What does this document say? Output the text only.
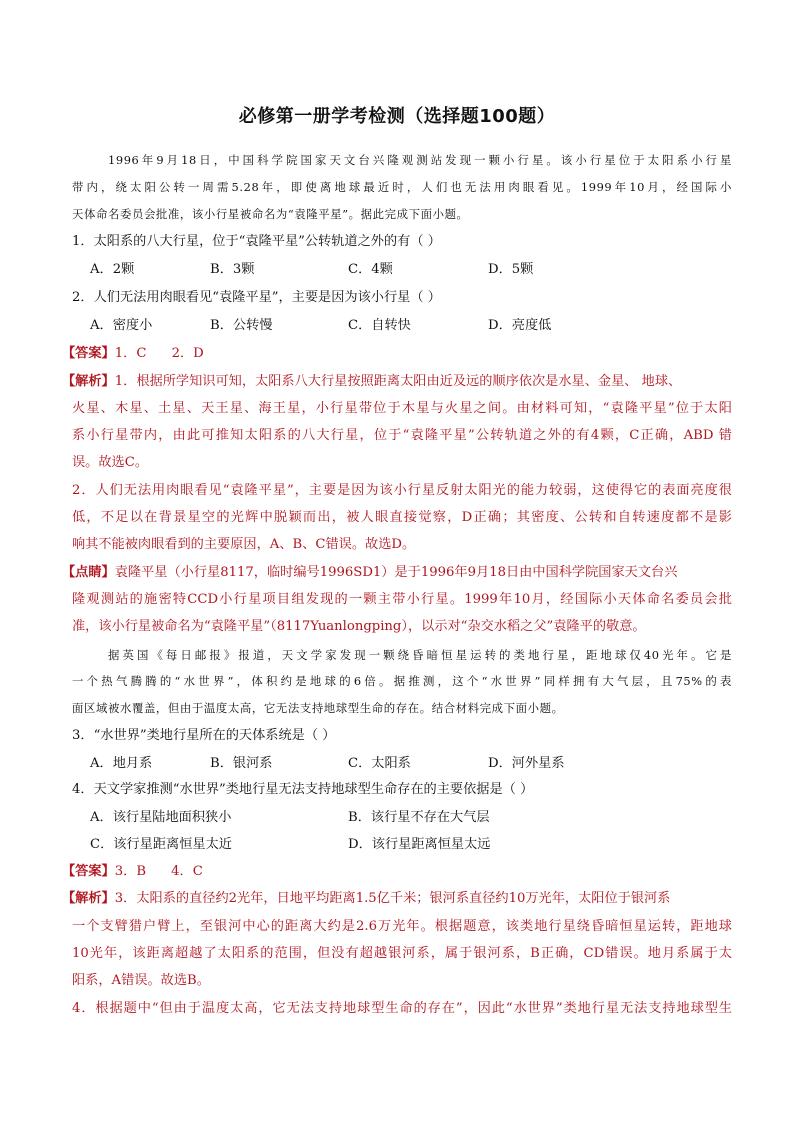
必修第一册学考检测（选择题100题）
1996年9月18日，中国科学院国家天文台兴隆观测站发现一颗小行星。该小行星位于太阳系小行星
带内，绕太阳公转一周需5.28年，即使离地球最近时，人们也无法用肉眼看见。1999年10月，经国际小
天体命名委员会批准，该小行星被命名为“袁隆平星”。据此完成下面小题。
1．太阳系的八大行星，位于“袁隆平星”公转轨道之外的有（ ）
A．2颗	B．3颗	C．4颗	D．5颗
2．人们无法用肉眼看见“袁隆平星”，主要是因为该小行星（ ）
A．密度小	B．公转慢	C．自转快	D．亮度低
【答案】1．C      2．D
【解析】1．根据所学知识可知，太阳系八大行星按照距离太阳由近及远的顺序依次是水星、金星、 地球、
火星、木星、土星、天王星、海王星，小行星带位于木星与火星之间。由材料可知，“袁隆平星”位于太阳
系小行星带内，由此可推知太阳系的八大行星，位于“袁隆平星”公转轨道之外的有4颗，C正确，ABD 错
误。故选C。
2．人们无法用肉眼看见“袁隆平星”，主要是因为该小行星反射太阳光的能力较弱，这使得它的表面亮度很
低，不足以在背景星空的光辉中脱颖而出，被人眼直接觉察，D正确；其密度、公转和自转速度都不是影
响其不能被肉眼看到的主要原因，A、B、C错误。故选D。
【点睛】袁隆平星（小行星8117，临时编号1996SD1）是于1996年9月18日由中国科学院国家天文台兴
隆观测站的施密特CCD小行星项目组发现的一颗主带小行星。1999年10月，经国际小天体命名委员会批
准，该小行星被命名为“袁隆平星”（8117Yuanlongping），以示对“杂交水稻之父”袁隆平的敬意。
据英国《每日邮报》报道，天文学家发现一颗绕昏暗恒星运转的类地行星，距地球仅40光年。它是
一个热气腾腾的“水世界”，体积约是地球的6倍。据推测，这个“水世界”同样拥有大气层，且75%的表
面区域被水覆盖，但由于温度太高，它无法支持地球型生命的存在。结合材料完成下面小题。
3．“水世界”类地行星所在的天体系统是（ ）
A．地月系	B．银河系	C．太阳系	D．河外星系
4．天文学家推测“水世界”类地行星无法支持地球型生命存在的主要依据是（ ）
A．该行星陆地面积狭小	B．该行星不存在大气层
C．该行星距离恒星太近	D．该行星距离恒星太远
【答案】3．B      4．C
【解析】3．太阳系的直径约2光年，日地平均距离1.5亿千米；银河系直径约10万光年，太阳位于银河系
一个支臂猎户臂上，至银河中心的距离大约是2.6万光年。根据题意，该类地行星绕昏暗恒星运转，距地球
10光年，该距离超越了太阳系的范围，但没有超越银河系，属于银河系，B正确，CD错误。地月系属于太
阳系，A错误。故选B。
4．根据题中“但由于温度太高，它无法支持地球型生命的存在”，因此“水世界”类地行星无法支持地球型生
